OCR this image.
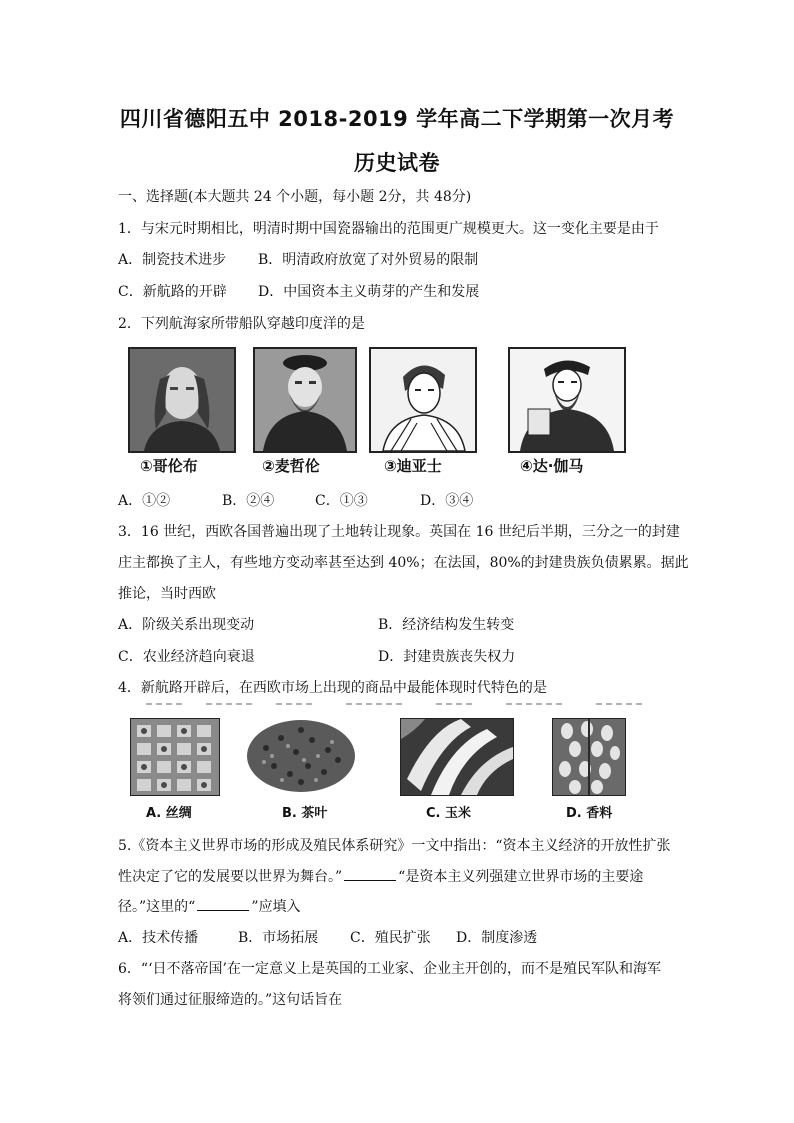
四川省德阳五中 2018-2019 学年高二下学期第一次月考
历史试卷
一、选择题(本大题共 24 个小题，每小题 2分，共 48分)
1．与宋元时期相比，明清时期中国瓷器输出的范围更广规模更大。这一变化主要是由于
A．制瓷技术进步 B．明清政府放宽了对外贸易的限制
C．新航路的开辟 D．中国资本主义萌芽的产生和发展
2．下列航海家所带船队穿越印度洋的是
①哥伦布	②麦哲伦	③迪亚士	④达·伽马
A．①②	B．②④	C．①③	D．③④
3．16 世纪，西欧各国普遍出现了土地转让现象。英国在 16 世纪后半期，三分之一的封建
庄主都换了主人，有些地方变动率甚至达到 40%；在法国，80%的封建贵族负债累累。据此
推论，当时西欧
A．阶级关系出现变动	B．经济结构发生转变
C．农业经济趋向衰退	D．封建贵族丧失权力
4．新航路开辟后，在西欧市场上出现的商品中最能体现时代特色的是
A. 丝绸	B. 茶叶	C. 玉米	D. 香料
5.《资本主义世界市场的形成及殖民体系研究》一文中指出：“资本主义经济的开放性扩张
性决定了它的发展要以世界为舞台。”	“是资本主义列强建立世界市场的主要途
径。”这里的“	”应填入
A．技术传播	B．市场拓展 C．殖民扩张 D．制度渗透
6．“‘日不落帝国’在一定意义上是英国的工业家、企业主开创的，而不是殖民军队和海军
将领们通过征服缔造的。”这句话旨在
